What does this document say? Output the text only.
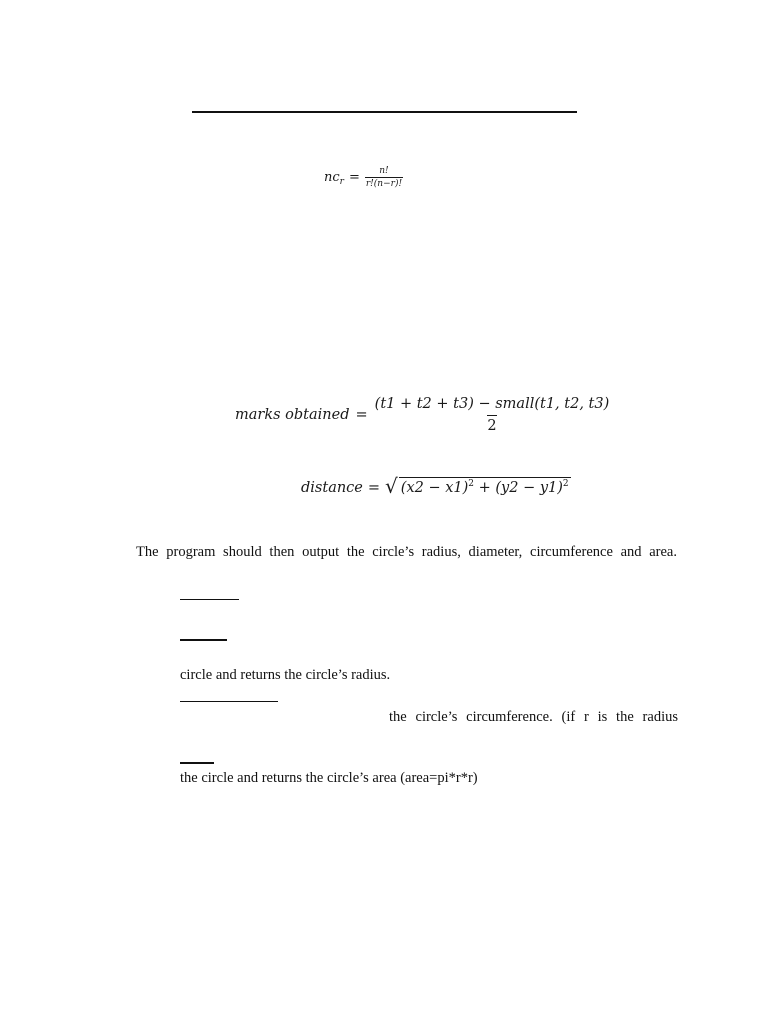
nc $r = \frac{n!}{r!(n-r)!}$
marks obtained = $\frac{\text{(t1 + t2 + t3) − small(t1, t2, t3)}}{2}$
distance = √ $(x2 - x1)^2 + (y2 - y1)^2$
The program should then output the circle’s radius, diameter, circumference and area.
circle and returns the circle’s radius.
the circle’s circumference. (if r is the radius
the circle and returns the circle’s area (area=pi*r*r)
